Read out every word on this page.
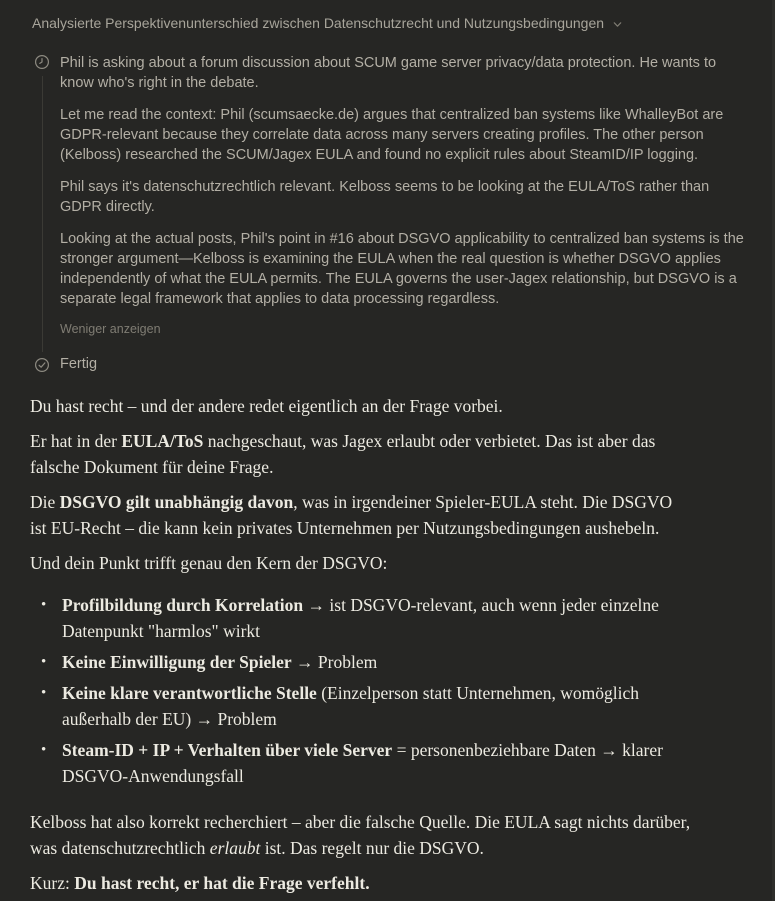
Analysierte Perspektivenunterschied zwischen Datenschutzrecht und Nutzungsbedingungen

Phil is asking about a forum discussion about SCUM game server privacy/data protection. He wants to know who's right in the debate.

Let me read the context: Phil (scumsaecke.de) argues that centralized ban systems like WhalleyBot are GDPR-relevant because they correlate data across many servers creating profiles. The other person (Kelboss) researched the SCUM/Jagex EULA and found no explicit rules about SteamID/IP logging.

Phil says it's datenschutzrechtlich relevant. Kelboss seems to be looking at the EULA/ToS rather than GDPR directly.

Looking at the actual posts, Phil's point in #16 about DSGVO applicability to centralized ban systems is the stronger argument—Kelboss is examining the EULA when the real question is whether DSGVO applies independently of what the EULA permits. The EULA governs the user-Jagex relationship, but DSGVO is a separate legal framework that applies to data processing regardless.

Weniger anzeigen
Fertig

Du hast recht – und der andere redet eigentlich an der Frage vorbei.

Er hat in der EULA/ToS nachgeschaut, was Jagex erlaubt oder verbietet. Das ist aber das falsche Dokument für deine Frage.

Die DSGVO gilt unabhängig davon, was in irgendeiner Spieler-EULA steht. Die DSGVO ist EU-Recht – die kann kein privates Unternehmen per Nutzungsbedingungen aushebeln.

Und dein Punkt trifft genau den Kern der DSGVO:

• Profilbildung durch Korrelation → ist DSGVO-relevant, auch wenn jeder einzelne Datenpunkt "harmlos" wirkt
• Keine Einwilligung der Spieler → Problem
• Keine klare verantwortliche Stelle (Einzelperson statt Unternehmen, womöglich außerhalb der EU) → Problem
• Steam-ID + IP + Verhalten über viele Server = personenbeziehbare Daten → klarer DSGVO-Anwendungsfall

Kelboss hat also korrekt recherchiert – aber die falsche Quelle. Die EULA sagt nichts darüber, was datenschutzrechtlich erlaubt ist. Das regelt nur die DSGVO.

Kurz: Du hast recht, er hat die Frage verfehlt.
